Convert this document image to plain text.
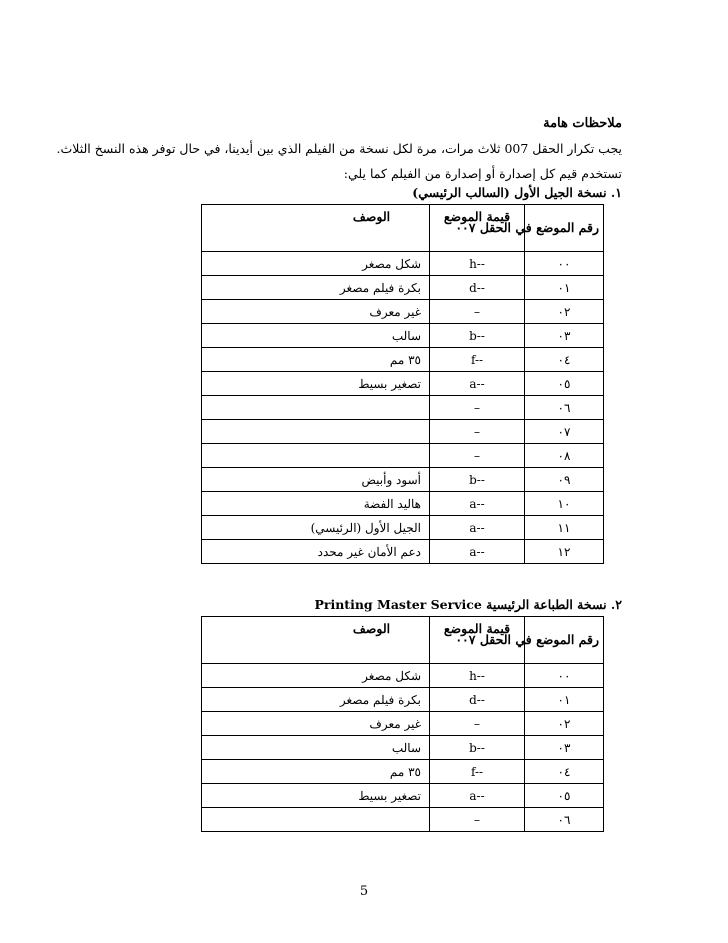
ملاحظات هامة
يجب تكرار الحقل 007 ثلاث مرات، مرة لكل نسخة من الفيلم الذي بين أيدينا، في حال توفر هذه النسخ الثلاث.
تستخدم قيم كل إصدارة أو إصدارة من الفيلم كما يلي:
١. نسخة الجيل الأول (السالب الرئيسي)
رقم الموضع في الحقل ٠٠٧	قيمة الموضع	الوصف
٠٠	h--	شكل مصغر
٠١	d--	بكرة فيلم مصغر
٠٢	–	غير معرف
٠٣	b--	سالب
٠٤	f--	٣٥ مم
٠٥	a--	تصغير بسيط
٠٦	–	
٠٧	–	
٠٨	–	
٠٩	b--	أسود وأبيض
١٠	a--	هاليد الفضة
١١	a--	الجيل الأول (الرئيسي)
١٢	a--	دعم الأمان غير محدد
٢. نسخة الطباعة الرئيسية Printing Master Service
رقم الموضع في الحقل ٠٠٧	قيمة الموضع	الوصف
٠٠	h--	شكل مصغر
٠١	d--	بكرة فيلم مصغر
٠٢	–	غير معرف
٠٣	b--	سالب
٠٤	f--	٣٥ مم
٠٥	a--	تصغير بسيط
٠٦	–	
5
